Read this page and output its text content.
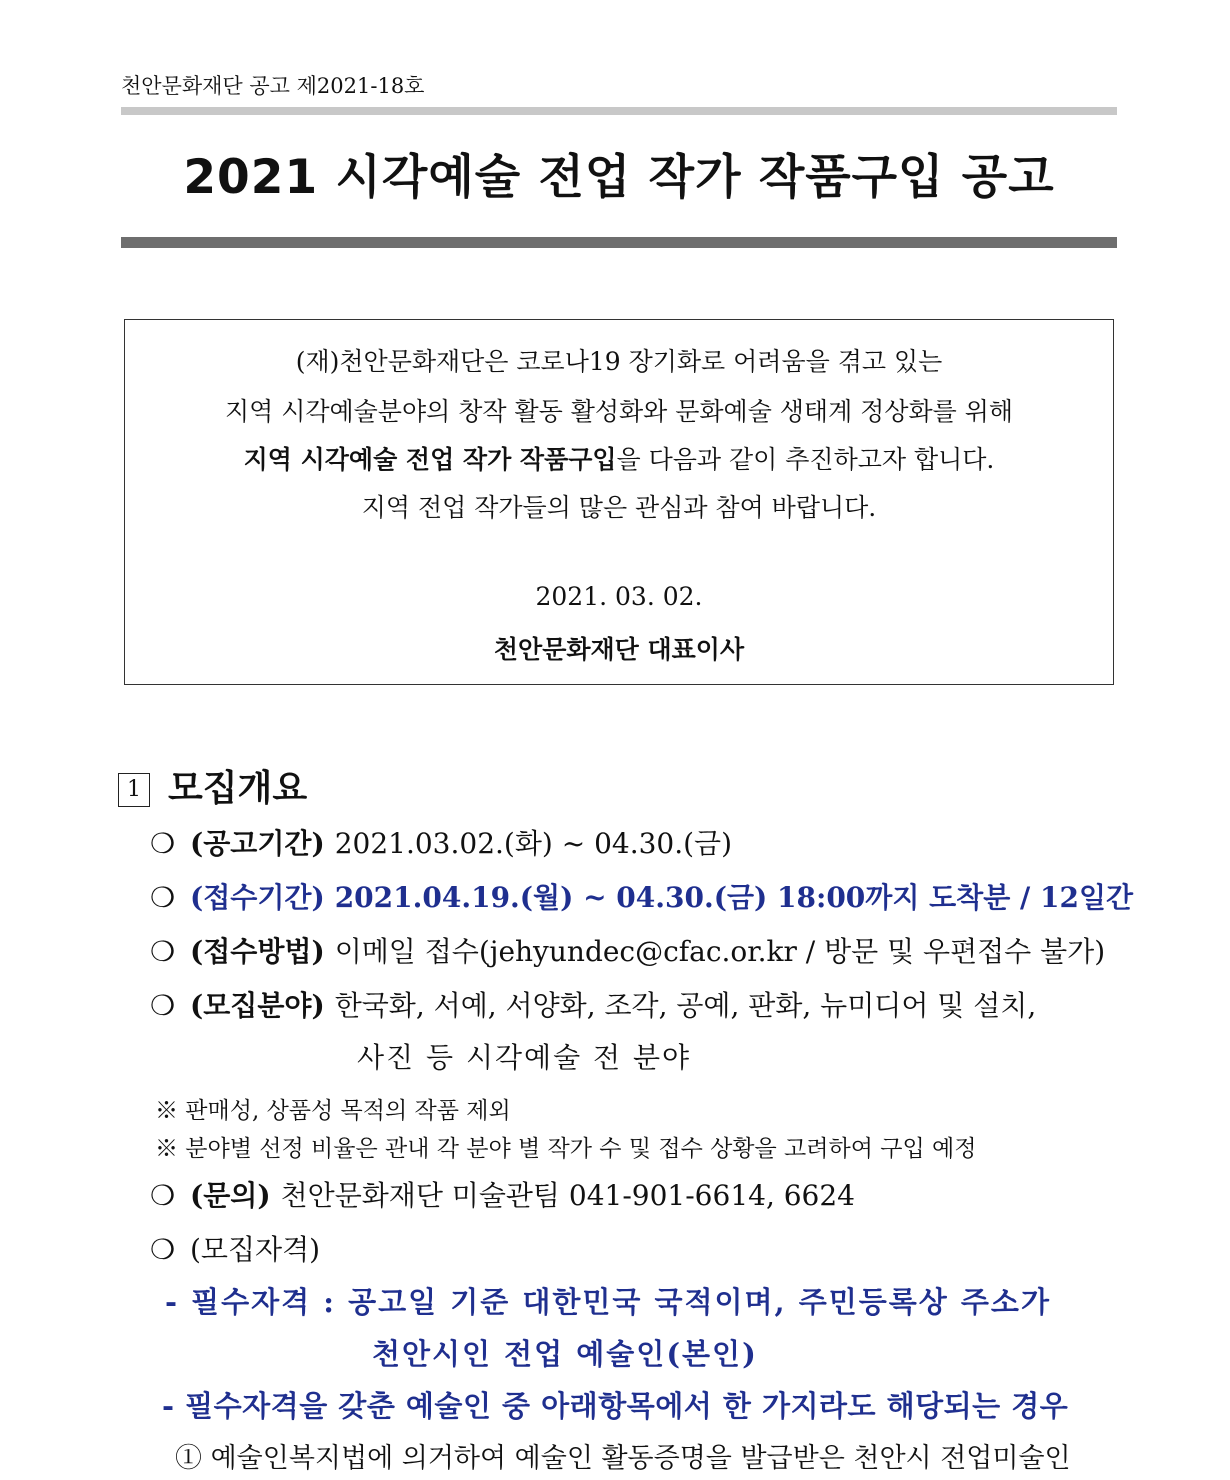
천안문화재단 공고 제2021-18호
2021 시각예술 전업 작가 작품구입 공고
(재)천안문화재단은 코로나19 장기화로 어려움을 겪고 있는
지역 시각예술분야의 창작 활동 활성화와 문화예술 생태계 정상화를 위해
지역 시각예술 전업 작가 작품구입을 다음과 같이 추진하고자 합니다.
지역 전업 작가들의 많은 관심과 참여 바랍니다.
2021. 03. 02.
천안문화재단 대표이사
1 모집개요
❍ (공고기간) 2021.03.02.(화) ~ 04.30.(금)
❍ (접수기간) 2021.04.19.(월) ~ 04.30.(금) 18:00까지 도착분 / 12일간
❍ (접수방법) 이메일 접수(jehyundec@cfac.or.kr / 방문 및 우편접수 불가)
❍ (모집분야) 한국화, 서예, 서양화, 조각, 공예, 판화, 뉴미디어 및 설치,
사진 등 시각예술 전 분야
※ 판매성, 상품성 목적의 작품 제외
※ 분야별 선정 비율은 관내 각 분야 별 작가 수 및 접수 상황을 고려하여 구입 예정
❍ (문의) 천안문화재단 미술관팀 041-901-6614, 6624
❍ (모집자격)
- 필수자격 : 공고일 기준 대한민국 국적이며, 주민등록상 주소가
천안시인 전업 예술인(본인)
- 필수자격을 갖춘 예술인 중 아래항목에서 한 가지라도 해당되는 경우
① 예술인복지법에 의거하여 예술인 활동증명을 발급받은 천안시 전업미술인
